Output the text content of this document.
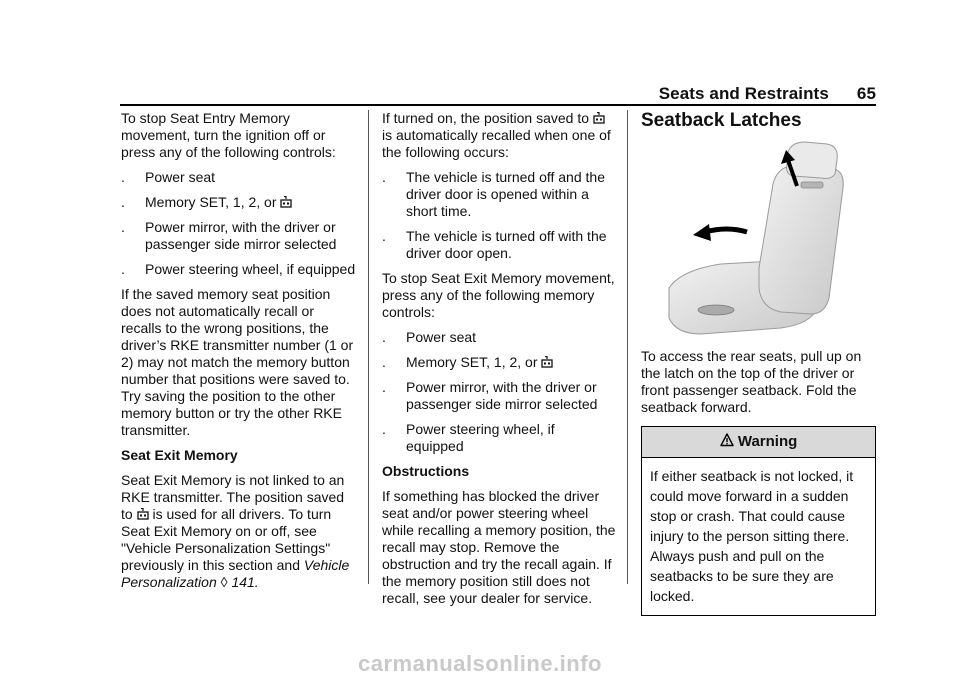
Seats and Restraints 65

To stop Seat Entry Memory movement, turn the ignition off or press any of the following controls:

.	Power seat
.	Memory SET, 1, 2, or
.	Power mirror, with the driver or passenger side mirror selected
.	Power steering wheel, if equipped

If the saved memory seat position does not automatically recall or recalls to the wrong positions, the driver’s RKE transmitter number (1 or 2) may not match the memory button number that positions were saved to. Try saving the position to the other memory button or try the other RKE transmitter.

Seat Exit Memory

Seat Exit Memory is not linked to an RKE transmitter. The position saved to is used for all drivers. To turn Seat Exit Memory on or off, see "Vehicle Personalization Settings" previously in this section and Vehicle Personalization ◊ 141.

If turned on, the position saved to  is automatically recalled when one of the following occurs:

.	The vehicle is turned off and the driver door is opened within a short time.
.	The vehicle is turned off with the driver door open.

To stop Seat Exit Memory movement, press any of the following memory controls:

.	Power seat
.	Memory SET, 1, 2, or
.	Power mirror, with the driver or passenger side mirror selected
.	Power steering wheel, if equipped

Obstructions

If something has blocked the driver seat and/or power steering wheel while recalling a memory position, the recall may stop. Remove the obstruction and try the recall again. If the memory position still does not recall, see your dealer for service.

Seatback Latches

To access the rear seats, pull up on the latch on the top of the driver or front passenger seatback. Fold the seatback forward.

Warning
If either seatback is not locked, it could move forward in a sudden stop or crash. That could cause injury to the person sitting there. Always push and pull on the seatbacks to be sure they are locked.
carmanualsonline.info
